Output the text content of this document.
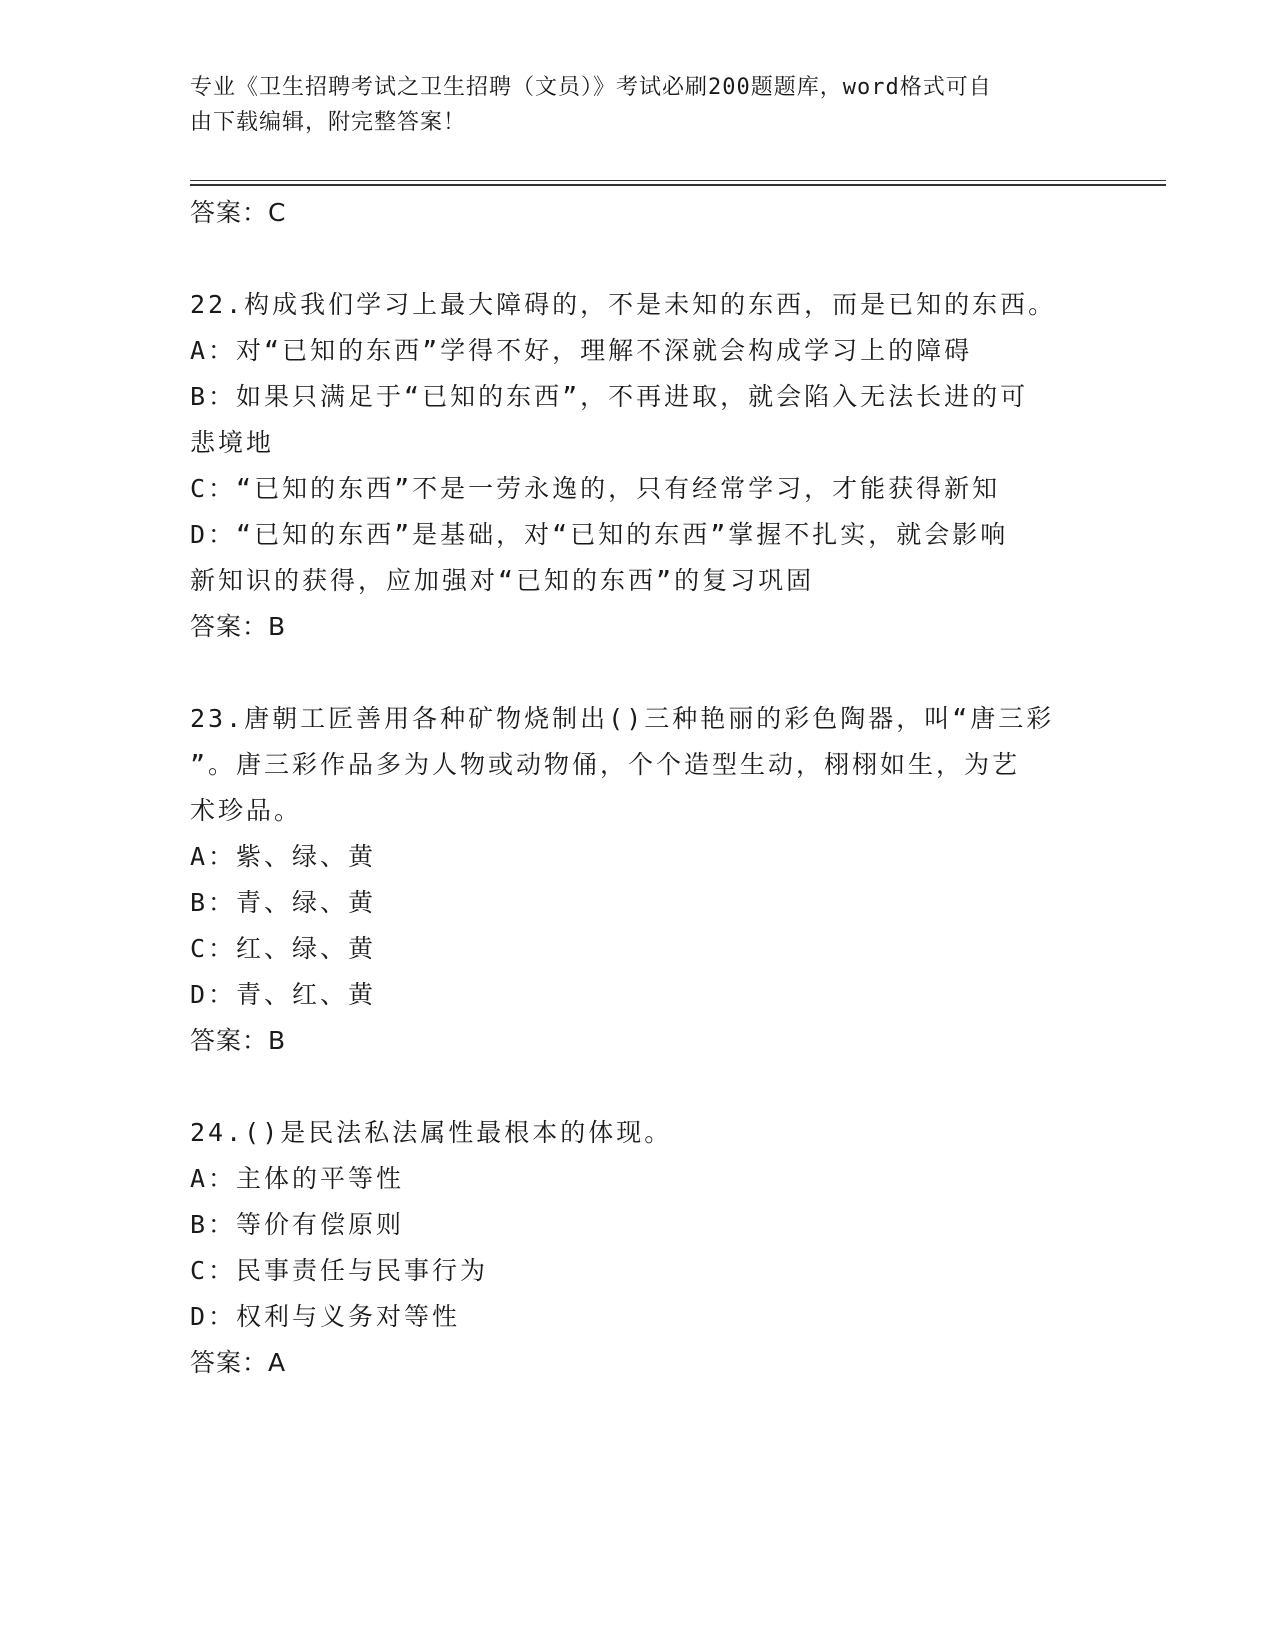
专业《卫生招聘考试之卫生招聘（文员）》考试必刷200题题库，word格式可自
由下载编辑，附完整答案！
答案：C
22.构成我们学习上最大障碍的，不是未知的东西，而是已知的东西。
A：对“已知的东西”学得不好，理解不深就会构成学习上的障碍
B：如果只满足于“已知的东西”，不再进取，就会陷入无法长进的可
悲境地
C：“已知的东西”不是一劳永逸的，只有经常学习，才能获得新知
D：“已知的东西”是基础，对“已知的东西”掌握不扎实，就会影响
新知识的获得，应加强对“已知的东西”的复习巩固
答案：B
23.唐朝工匠善用各种矿物烧制出()三种艳丽的彩色陶器，叫“唐三彩
”。唐三彩作品多为人物或动物俑，个个造型生动，栩栩如生，为艺
术珍品。
A：紫、绿、黄
B：青、绿、黄
C：红、绿、黄
D：青、红、黄
答案：B
24.()是民法私法属性最根本的体现。
A：主体的平等性
B：等价有偿原则
C：民事责任与民事行为
D：权利与义务对等性
答案：A
